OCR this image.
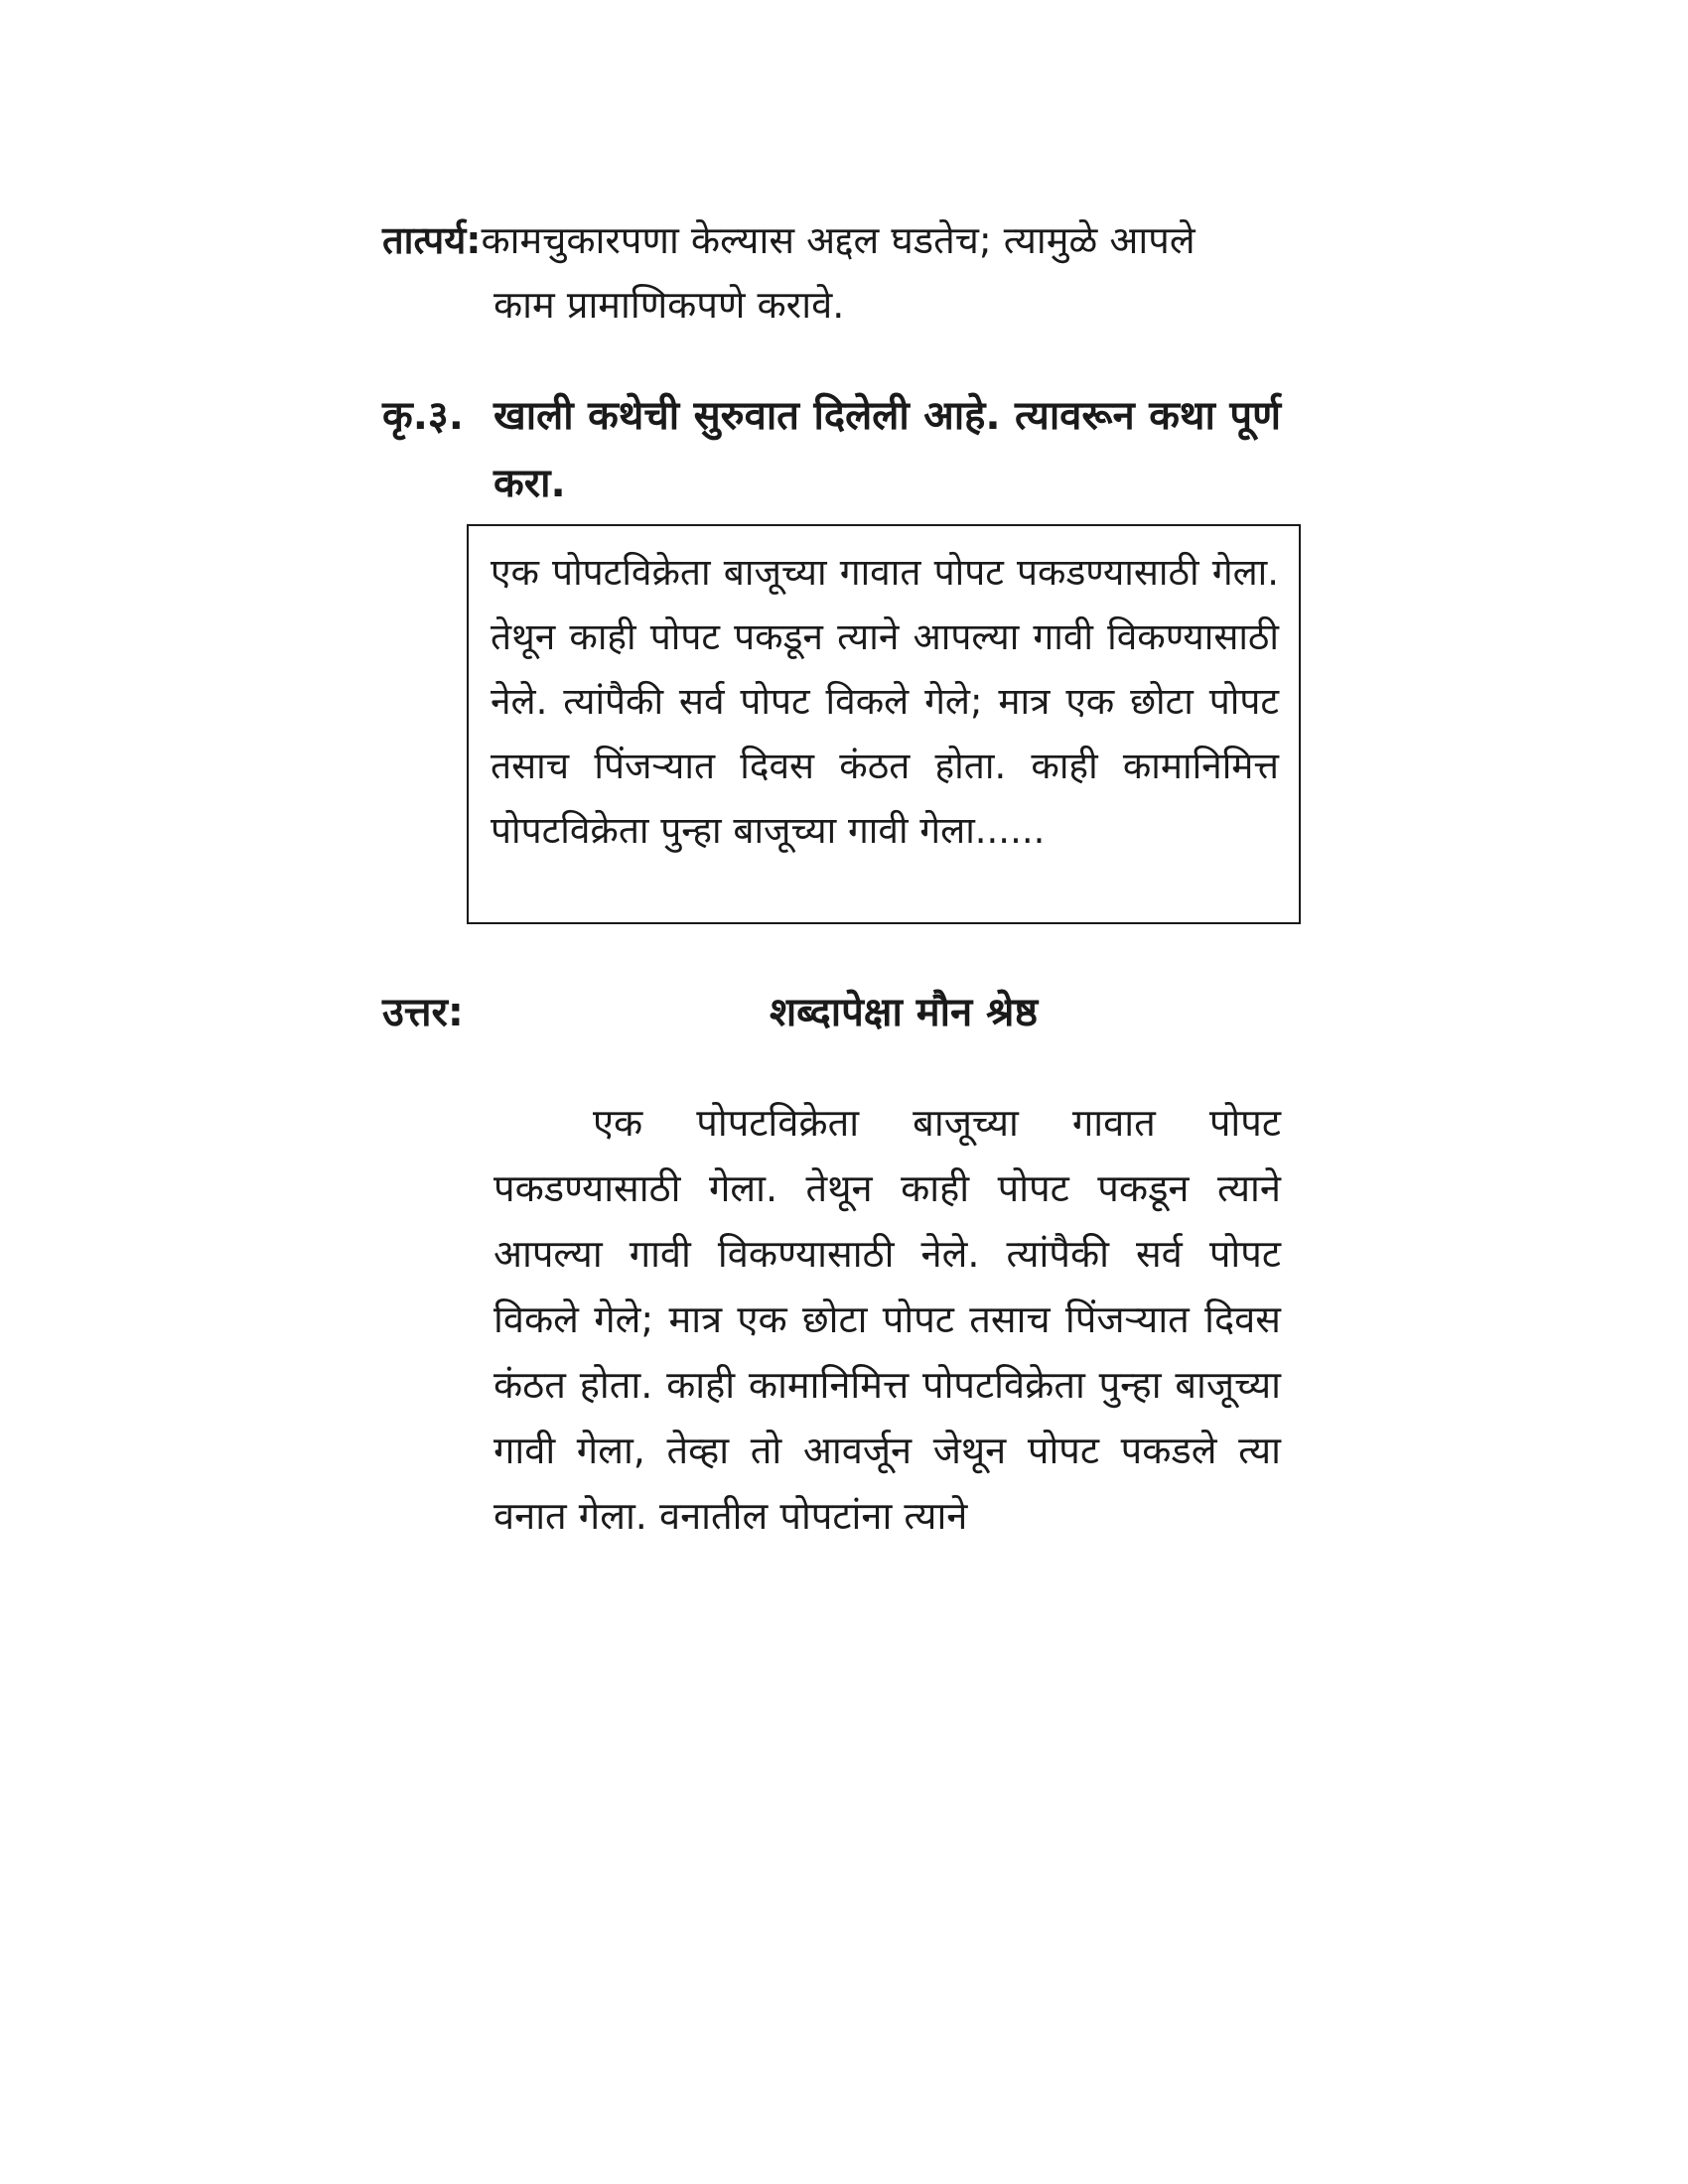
तात्पर्य:कामचुकारपणा केल्यास अद्दल घडतेच; त्यामुळे आपले
काम प्रामाणिकपणे करावे.
कृ.३. खाली कथेची सुरुवात दिलेली आहे. त्यावरून कथा पूर्ण करा.
एक पोपटविक्रेता बाजूच्या गावात पोपट पकडण्यासाठी गेला. तेथून काही पोपट पकडून त्याने आपल्या गावी विकण्यासाठी नेले. त्यांपैकी सर्व पोपट विकले गेले; मात्र एक छोटा पोपट तसाच पिंजऱ्यात दिवस कंठत होता. काही कामानिमित्त पोपटविक्रेता पुन्हा बाजूच्या गावी गेला......
उत्तर:	शब्दापेक्षा मौन श्रेष्ठ
एक पोपटविक्रेता बाजूच्या गावात पोपट पकडण्यासाठी गेला. तेथून काही पोपट पकडून त्याने आपल्या गावी विकण्यासाठी नेले. त्यांपैकी सर्व पोपट विकले गेले; मात्र एक छोटा पोपट तसाच पिंजऱ्यात दिवस कंठत होता. काही कामानिमित्त पोपटविक्रेता पुन्हा बाजूच्या गावी गेला, तेव्हा तो आवर्जून जेथून पोपट पकडले त्या वनात गेला. वनातील पोपटांना त्याने
